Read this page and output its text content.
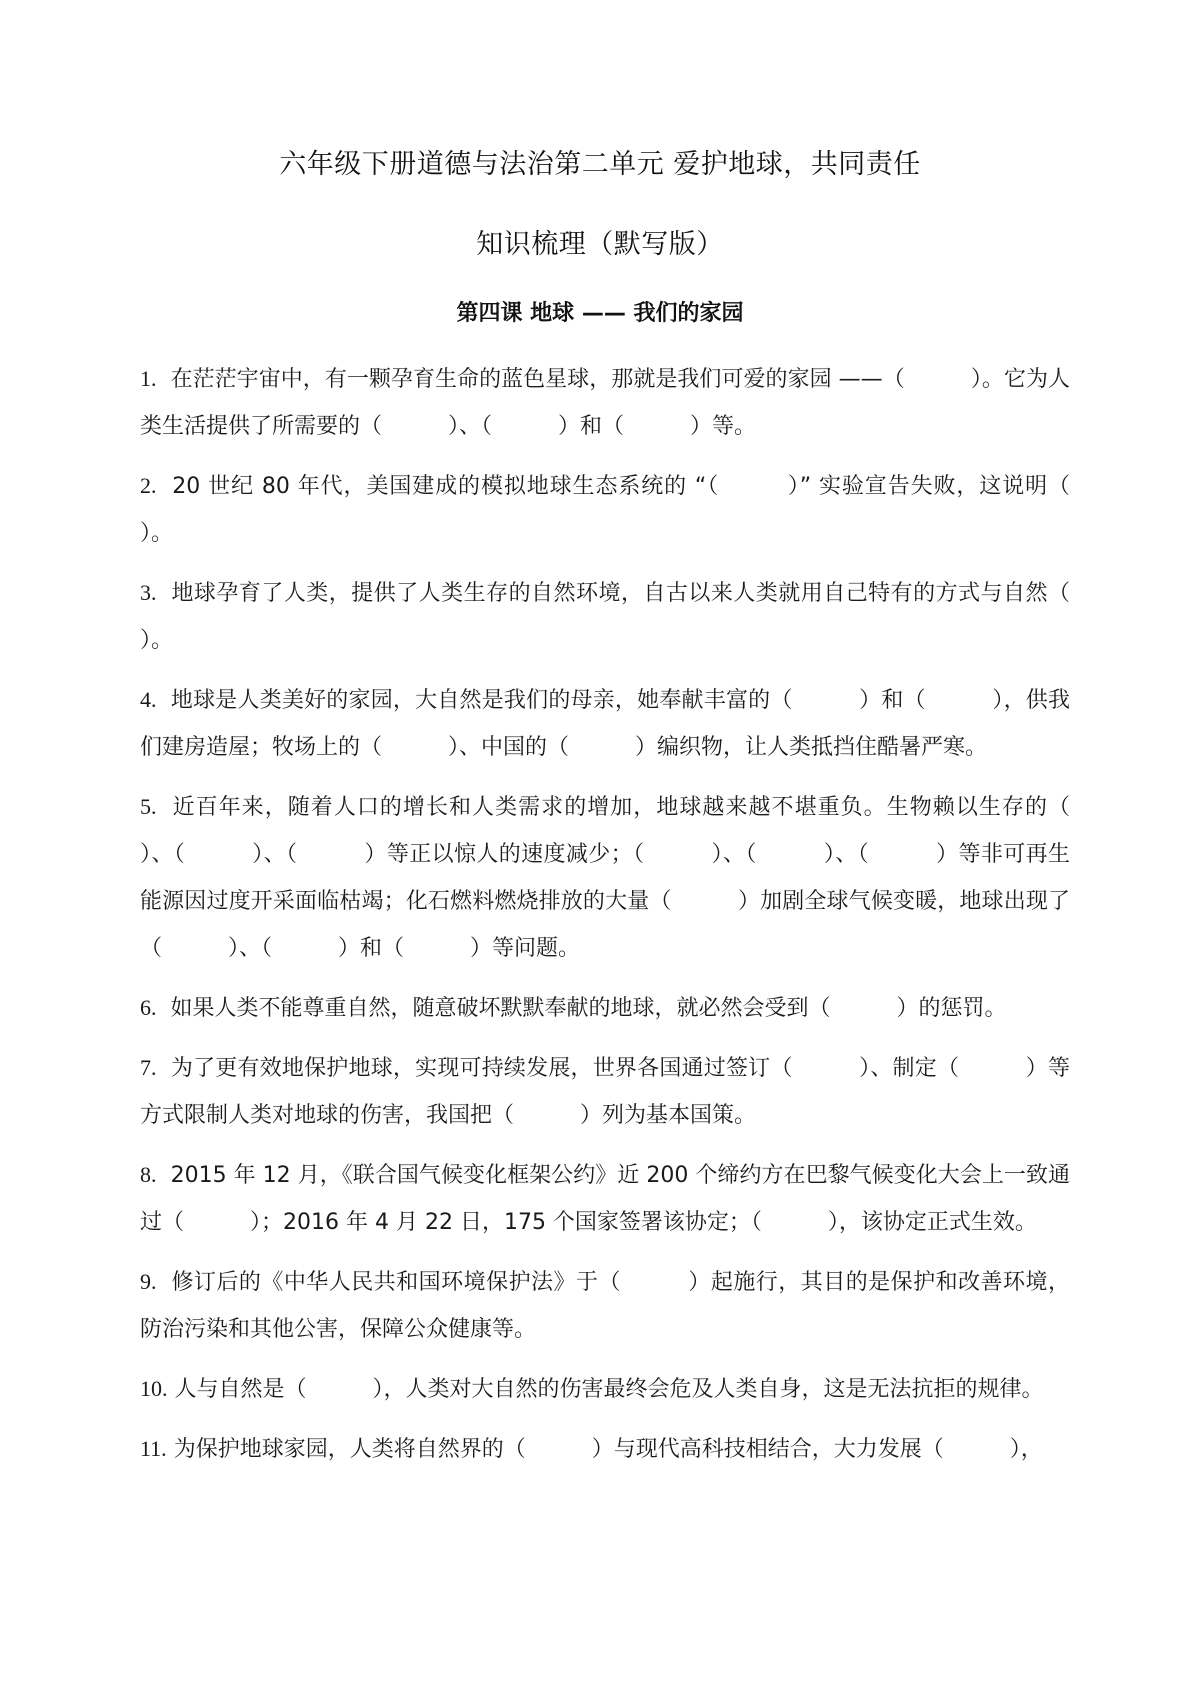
六年级下册道德与法治第二单元 爱护地球，共同责任
知识梳理（默写版）
第四课 地球 —— 我们的家园
1. 在茫茫宇宙中，有一颗孕育生命的蓝色星球，那就是我们可爱的家园 ——（　　　）。它为人类生活提供了所需要的（　　　）、（　　　）和（　　　）等。
2. 20 世纪 80 年代，美国建成的模拟地球生态系统的 “（　　　）” 实验宣告失败，这说明（　　　）。
3. 地球孕育了人类，提供了人类生存的自然环境，自古以来人类就用自己特有的方式与自然（　　　）。
4. 地球是人类美好的家园，大自然是我们的母亲，她奉献丰富的（　　　）和（　　　），供我们建房造屋；牧场上的（　　　）、中国的（　　　）编织物，让人类抵挡住酷暑严寒。
5. 近百年来，随着人口的增长和人类需求的增加，地球越来越不堪重负。生物赖以生存的（　　　）、（　　　）、（　　　）等正以惊人的速度减少；（　　　）、（　　　）、（　　　）等非可再生能源因过度开采面临枯竭；化石燃料燃烧排放的大量（　　　）加剧全球气候变暖，地球出现了（　　　）、（　　　）和（　　　）等问题。
6. 如果人类不能尊重自然，随意破坏默默奉献的地球，就必然会受到（　　　）的惩罚。
7. 为了更有效地保护地球，实现可持续发展，世界各国通过签订（　　　）、制定（　　　）等方式限制人类对地球的伤害，我国把（　　　）列为基本国策。
8. 2015 年 12 月，《联合国气候变化框架公约》近 200 个缔约方在巴黎气候变化大会上一致通过（　　　）；2016 年 4 月 22 日，175 个国家签署该协定；（　　　），该协定正式生效。
9. 修订后的《中华人民共和国环境保护法》于（　　　）起施行，其目的是保护和改善环境，防治污染和其他公害，保障公众健康等。
10. 人与自然是（　　　），人类对大自然的伤害最终会危及人类自身，这是无法抗拒的规律。
11. 为保护地球家园，人类将自然界的（　　　）与现代高科技相结合，大力发展（　　　），
